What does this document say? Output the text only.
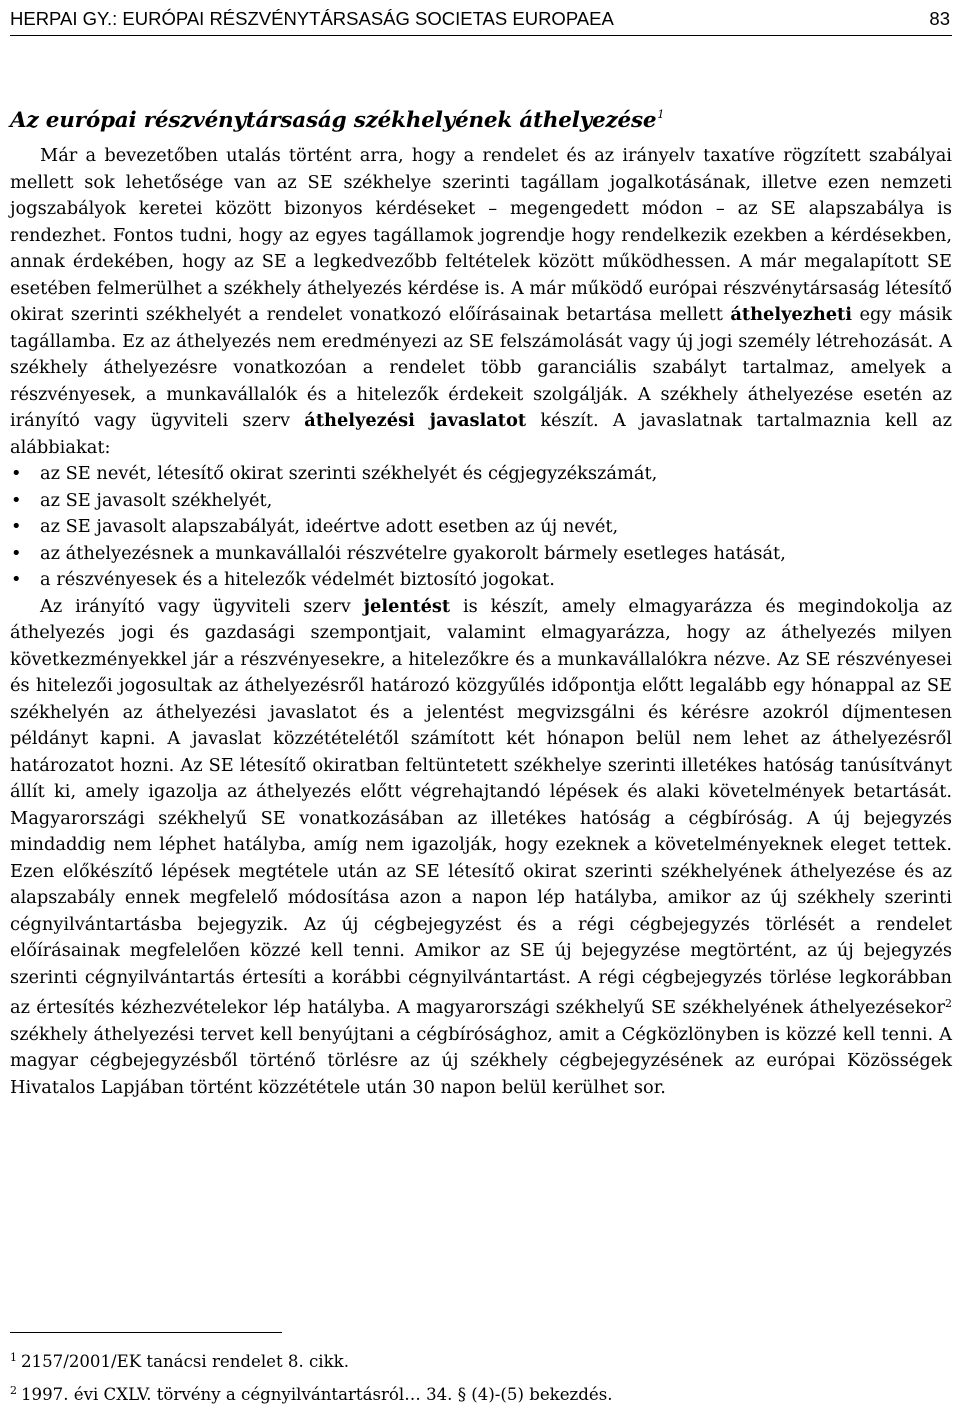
HERPAI GY.: EURÓPAI RÉSZVÉNYTÁRSASÁG SOCIETAS EUROPAEA	83
Az európai részvénytársaság székhelyének áthelyezése$^1$

Már a bevezetőben utalás történt arra, hogy a rendelet és az irányelv taxatíve rögzített szabályai mellett sok lehetősége van az SE székhelye szerinti tagállam jogalkotásának, illetve ezen nemzeti jogszabályok keretei között bizonyos kérdéseket – megengedett módon – az SE alapszabálya is rendezhet. Fontos tudni, hogy az egyes tagállamok jogrendje hogy rendelkezik ezekben a kérdésekben, annak érdekében, hogy az SE a legkedvezőbb feltételek között működhessen. A már megalapított SE esetében felmerülhet a székhely áthelyezés kérdése is. A már működő európai részvénytársaság létesítő okirat szerinti székhelyét a rendelet vonatkozó előírásainak betartása mellett áthelyezheti egy másik tagállamba. Ez az áthelyezés nem eredményezi az SE felszámolását vagy új jogi személy létrehozását. A székhely áthelyezésre vonatkozóan a rendelet több garanciális szabályt tartalmaz, amelyek a részvényesek, a munkavállalók és a hitelezők érdekeit szolgálják. A székhely áthelyezése esetén az irányító vagy ügyviteli szerv áthelyezési javaslatot készít. A javaslatnak tartalmaznia kell az alábbiakat:

• az SE nevét, létesítő okirat szerinti székhelyét és cégjegyzékszámát,
• az SE javasolt székhelyét,
• az SE javasolt alapszabályát, ideértve adott esetben az új nevét,
• az áthelyezésnek a munkavállalói részvételre gyakorolt bármely esetleges hatását,
• a részvényesek és a hitelezők védelmét biztosító jogokat.

Az irányító vagy ügyviteli szerv jelentést is készít, amely elmagyarázza és megindokolja az áthelyezés jogi és gazdasági szempontjait, valamint elmagyarázza, hogy az áthelyezés milyen következményekkel jár a részvényesekre, a hitelezőkre és a munkavállalókra nézve. Az SE részvényesei és hitelezői jogosultak az áthelyezésről határozó közgyűlés időpontja előtt legalább egy hónappal az SE székhelyén az áthelyezési javaslatot és a jelentést megvizsgálni és kérésre azokról díjmentesen példányt kapni. A javaslat közzétételétől számított két hónapon belül nem lehet az áthelyezésről határozatot hozni. Az SE létesítő okiratban feltüntetett székhelye szerinti illetékes hatóság tanúsítványt állít ki, amely igazolja az áthelyezés előtt végrehajtandó lépések és alaki követelmények betartását. Magyarországi székhelyű SE vonatkozásában az illetékes hatóság a cégbíróság. A új bejegyzés mindaddig nem léphet hatályba, amíg nem igazolják, hogy ezeknek a követelményeknek eleget tettek. Ezen előkészítő lépések megtétele után az SE létesítő okirat szerinti székhelyének áthelyezése és az alapszabály ennek megfelelő módosítása azon a napon lép hatályba, amikor az új székhely szerinti cégnyilvántartásba bejegyzik. Az új cégbejegyzést és a régi cégbejegyzés törlését a rendelet előírásainak megfelelően közzé kell tenni. Amikor az SE új bejegyzése megtörtént, az új bejegyzés szerinti cégnyilvántartás értesíti a korábbi cégnyilvántartást. A régi cégbejegyzés törlése legkorábban az értesítés kézhezvételekor lép hatályba. A magyarországi székhelyű SE székhelyének áthelyezésekor$^2$ székhely áthelyezési tervet kell benyújtani a cégbírósághoz, amit a Cégközlönyben is közzé kell tenni. A magyar cégbejegyzésből történő törlésre az új székhely cégbejegyzésének az európai Közösségek Hivatalos Lapjában történt közzététele után 30 napon belül kerülhet sor.

$^1$ 2157/2001/EK tanácsi rendelet 8. cikk.
$^2$ 1997. évi CXLV. törvény a cégnyilvántartásról… 34. § (4)-(5) bekezdés.
